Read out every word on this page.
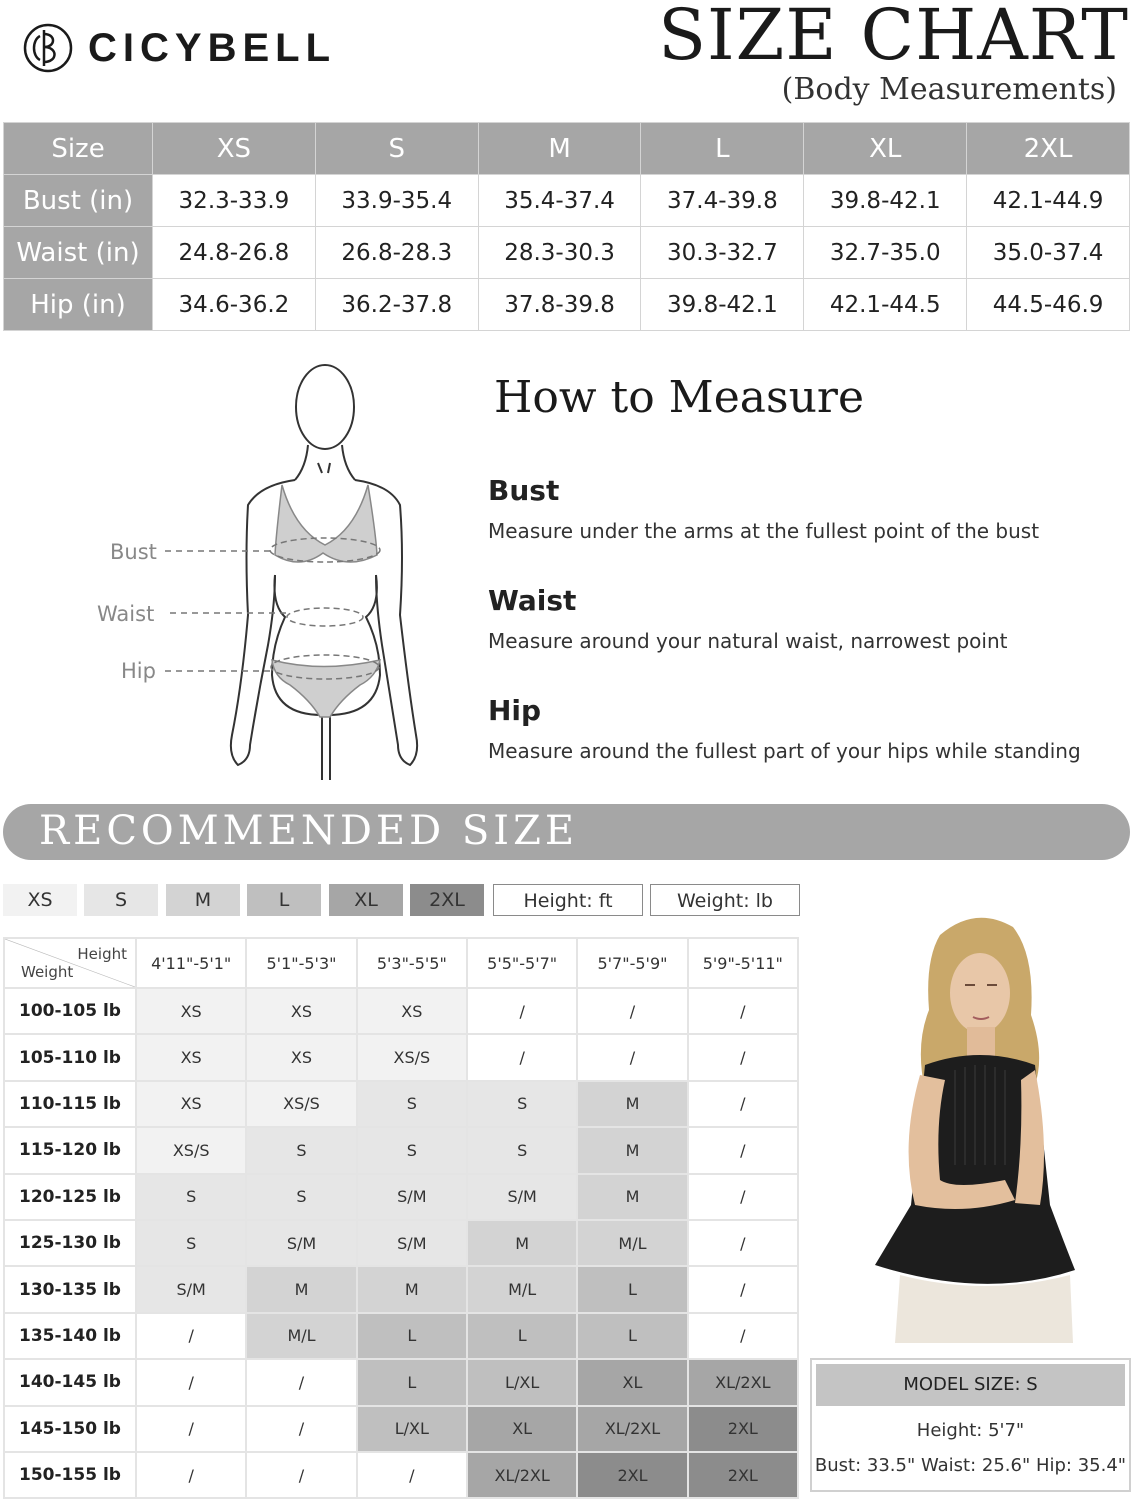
CICYBELL	SIZE CHART
(Body Measurements)
Size	XS	S	M	L	XL	2XL
Bust (in)	32.3-33.9	33.9-35.4	35.4-37.4	37.4-39.8	39.8-42.1	42.1-44.9
Waist (in)	24.8-26.8	26.8-28.3	28.3-30.3	30.3-32.7	32.7-35.0	35.0-37.4
Hip (in)	34.6-36.2	36.2-37.8	37.8-39.8	39.8-42.1	42.1-44.5	44.5-46.9
Bust
Waist
Hip
How to Measure
Bust
Measure under the arms at the fullest point of the bust
Waist
Measure around your natural waist, narrowest point
Hip
Measure around the fullest part of your hips while standing
RECOMMENDED SIZE
XS	S	M	L	XL	2XL	Height: ft	Weight: lb
Height
Weight	4'11"-5'1"	5'1"-5'3"	5'3"-5'5"	5'5"-5'7"	5'7"-5'9"	5'9"-5'11"
100-105 lb	XS	XS	XS	/	/	/
105-110 lb	XS	XS	XS/S	/	/	/
110-115 lb	XS	XS/S	S	S	M	/
115-120 lb	XS/S	S	S	S	M	/
120-125 lb	S	S	S/M	S/M	M	/
125-130 lb	S	S/M	S/M	M	M/L	/
130-135 lb	S/M	M	M	M/L	L	/
135-140 lb	/	M/L	L	L	L	/
140-145 lb	/	/	L	L/XL	XL	XL/2XL
145-150 lb	/	/	L/XL	XL	XL/2XL	2XL
150-155 lb	/	/	/	XL/2XL	2XL	2XL
MODEL SIZE: S
Height: 5'7"
Bust: 33.5" Waist: 25.6" Hip: 35.4"
